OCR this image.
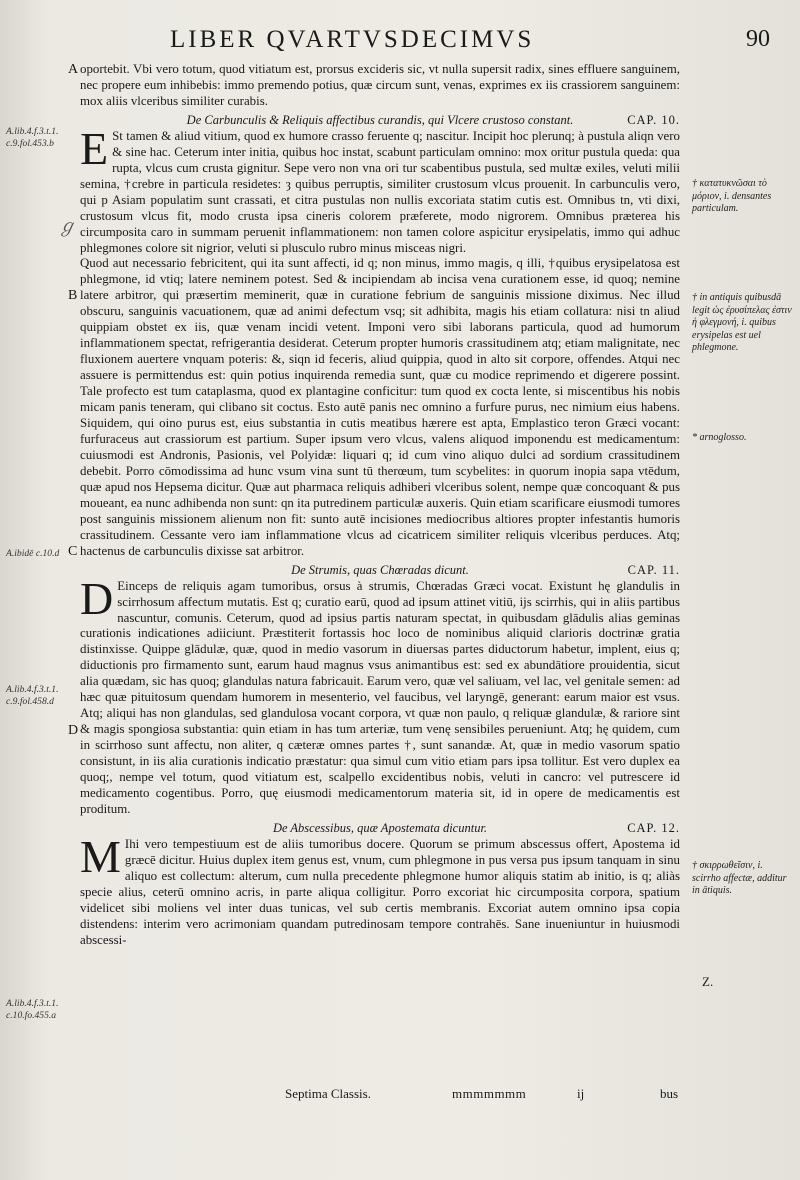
LIBER QVARTVSDECIMVS	90
A.lib.4.f.3.t.1. c.9.fol.453.b
ℊ
A.ibidē c.10.d
A.lib.4.f.3.t.1. c.9.fol.458.d
A.lib.4.f.3.t.1. c.10.fo.455.a
† κατατυκνῶσαι τὸ μόριον, i. densantes particulam.
† in antiquis quibusdā legit ὡς ἐρυσίπελας ἐστιν ἡ φλεγμονή, i. quibus erysipelas est uel phlegmone.
* arnoglosso.
† σκιρρωθεῖσιν, i. scirrho affectæ, additur in ātiquis.
Z.

A oportebit. Vbi vero totum, quod vitiatum est, prorsus excideris sic, vt nulla supersit radix, sines effluere sanguinem, nec propere eum inhibebis: immo premendo potius, quæ circum sunt, venas, exprimes ex iis crassiorem sanguinem: mox aliis vlceribus similiter curabis.

De Carbunculis & Reliquis affectibus curandis, qui Vlcere crustoso constant.	CAP. 10.

E St tamen & aliud vitium, quod ex humore crasso feruente q; nascitur. Incipit hoc plerunq; à pustula aliqn vero & sine hac. Ceterum inter initia, quibus hoc instat, scabunt particulam omnino: mox oritur pustula queda: qua rupta, vlcus cum crusta gignitur. Sepe vero non vna ori tur scabentibus pustula, sed multæ exiles, veluti milii semina, †crebre in particula residetes: ȝ quibus perruptis, similiter crustosum vlcus prouenit. In carbunculis vero, qui p Asiam populatim sunt crassati, et citra pustulas non nullis excoriata statim cutis est. Omnibus tn, vti dixi, crustosum vlcus fit, modo crusta ipsa cineris colorem præferete, modo nigrorem. Omnibus præterea his circumposita caro in summam peruenit inflammationem: non tamen colore aspicitur erysipelatis, immo qui adhuc phlegmones colore sit nigrior, veluti si plusculo rubro minus misceas nigri.

B
C
Quod aut necessario febricitent, qui ita sunt affecti, id q; non minus, immo magis, q illi, †quibus erysipelatosa est phlegmone, id vtiq; latere neminem potest. Sed & incipiendam ab incisa vena curationem esse, id quoq; nemine latere arbitror, qui præsertim meminerit, quæ in curatione febrium de sanguinis missione diximus. Nec illud obscuru, sanguinis vacuationem, quæ ad animi defectum vsq; sit adhibita, magis his etiam collatura: nisi tn aliud quippiam obstet ex iis, quæ venam incidi vetent. Imponi vero sibi laborans particula, quod ad humorum inflammationem spectat, refrigerantia desiderat. Ceterum propter humoris crassitudinem atq; etiam malignitate, nec fluxionem auertere vnquam poteris: &, siqn id feceris, aliud quippia, quod in alto sit corpore, offendes. Atqui nec assuere is permittendus est: quin potius inquirenda remedia sunt, quæ cu modice reprimendo et digerere possint. Tale profecto est tum cataplasma, quod ex plantagine conficitur: tum quod ex cocta lente, si miscentibus his nobis micam panis teneram, qui clibano sit coctus. Esto autē panis nec omnino a furfure purus, nec nimium eius habens. Siquidem, qui oino purus est, eius substantia in cutis meatibus hærere est apta, Emplastico teron Græci vocant: furfuraceus aut crassiorum est partium. Super ipsum vero vlcus, valens aliquod imponendu est medicamentum: cuiusmodi est Andronis, Pasionis, vel Polyidæ: liquari q; id cum vino aliquo dulci ad sordium crassitudinem debebit. Porro cōmodissima ad hunc vsum vina sunt tū therœum, tum scybelites: in quorum inopia sapa vtēdum, quæ apud nos Hepsema dicitur. Quæ aut pharmaca reliquis adhiberi vlceribus solent, nempe quæ concoquant & pus moueant, ea nunc adhibenda non sunt: qn ita putredinem particulæ auxeris. Quin etiam scarificare eiusmodi tumores post sanguinis missionem alienum non fit: sunto autē incisiones mediocribus altiores propter infestantis humoris crassitudinem. Cessante vero iam inflammatione vlcus ad cicatricem similiter reliquis vlceribus perduces. Atq; hactenus de carbunculis dixisse sat arbitror.

De Strumis, quas Chœradas dicunt.	CAP. 11.

D
D
Einceps de reliquis agam tumoribus, orsus à strumis, Chœradas Græci vocat. Existunt hę glandulis in scirrhosum affectum mutatis. Est q; curatio earū, quod ad ipsum attinet vitiū, ijs scirrhis, qui in aliis partibus nascuntur, comunis. Ceterum, quod ad ipsius partis naturam spectat, in quibusdam glādulis alias geminas curationis indicationes adiiciunt. Præstiterit fortassis hoc loco de nominibus aliquid clarioris doctrinæ gratia distinxisse. Quippe glādulæ, quæ, quod in medio vasorum in diuersas partes diductorum habetur, implent, eius q; diductionis pro firmamento sunt, earum haud magnus vsus animantibus est: sed ex abundātiore prouidentia, sicut alia quædam, sic has quoq; glandulas natura fabricauit. Earum vero, quæ vel saliuam, vel lac, vel genitale semen: ad hæc quæ pituitosum quendam humorem in mesenterio, vel faucibus, vel laryngē, generant: earum maior est vsus. Atq; aliqui has non glandulas, sed glandulosa vocant corpora, vt quæ non paulo, q reliquæ glandulæ, & rariore sint & magis spongiosa substantia: quin etiam in has tum arteriæ, tum venę sensibiles perueniunt. Atq; hę quidem, cum in scirrhoso sunt affectu, non aliter, q cæteræ omnes partes †, sunt sanandæ. At, quæ in medio vasorum spatio consistunt, in iis alia curationis indicatio præstatur: qua simul cum vitio etiam pars ipsa tollitur. Est vero duplex ea quoq;, nempe vel totum, quod vitiatum est, scalpello excidentibus nobis, veluti in cancro: vel putrescere id medicamento cogentibus. Porro, quę eiusmodi medicamentorum materia sit, id in opere de medicamentis est proditum.

De Abscessibus, quæ Apostemata dicuntur.	CAP. 12.

M Ihi vero tempestiuum est de aliis tumoribus docere. Quorum se primum abscessus offert, Apostema id græcē dicitur. Huius duplex item genus est, vnum, cum phlegmone in pus versa pus ipsum tanquam in sinu aliquo est collectum: alterum, cum nulla precedente phlegmone humor aliquis statim ab initio, is q; aliàs specie alius, ceterū omnino acris, in parte aliqua colligitur. Porro excoriat hic circumposita corpora, spatium videlicet sibi moliens vel inter duas tunicas, vel sub certis membranis. Excoriat autem omnino ipsa copia distendens: interim vero acrimoniam quandam putredinosam tempore contrahēs. Sane inueniuntur in huiusmodi abscessi-

Septima Classis.	mmmmmmm	ij	bus
